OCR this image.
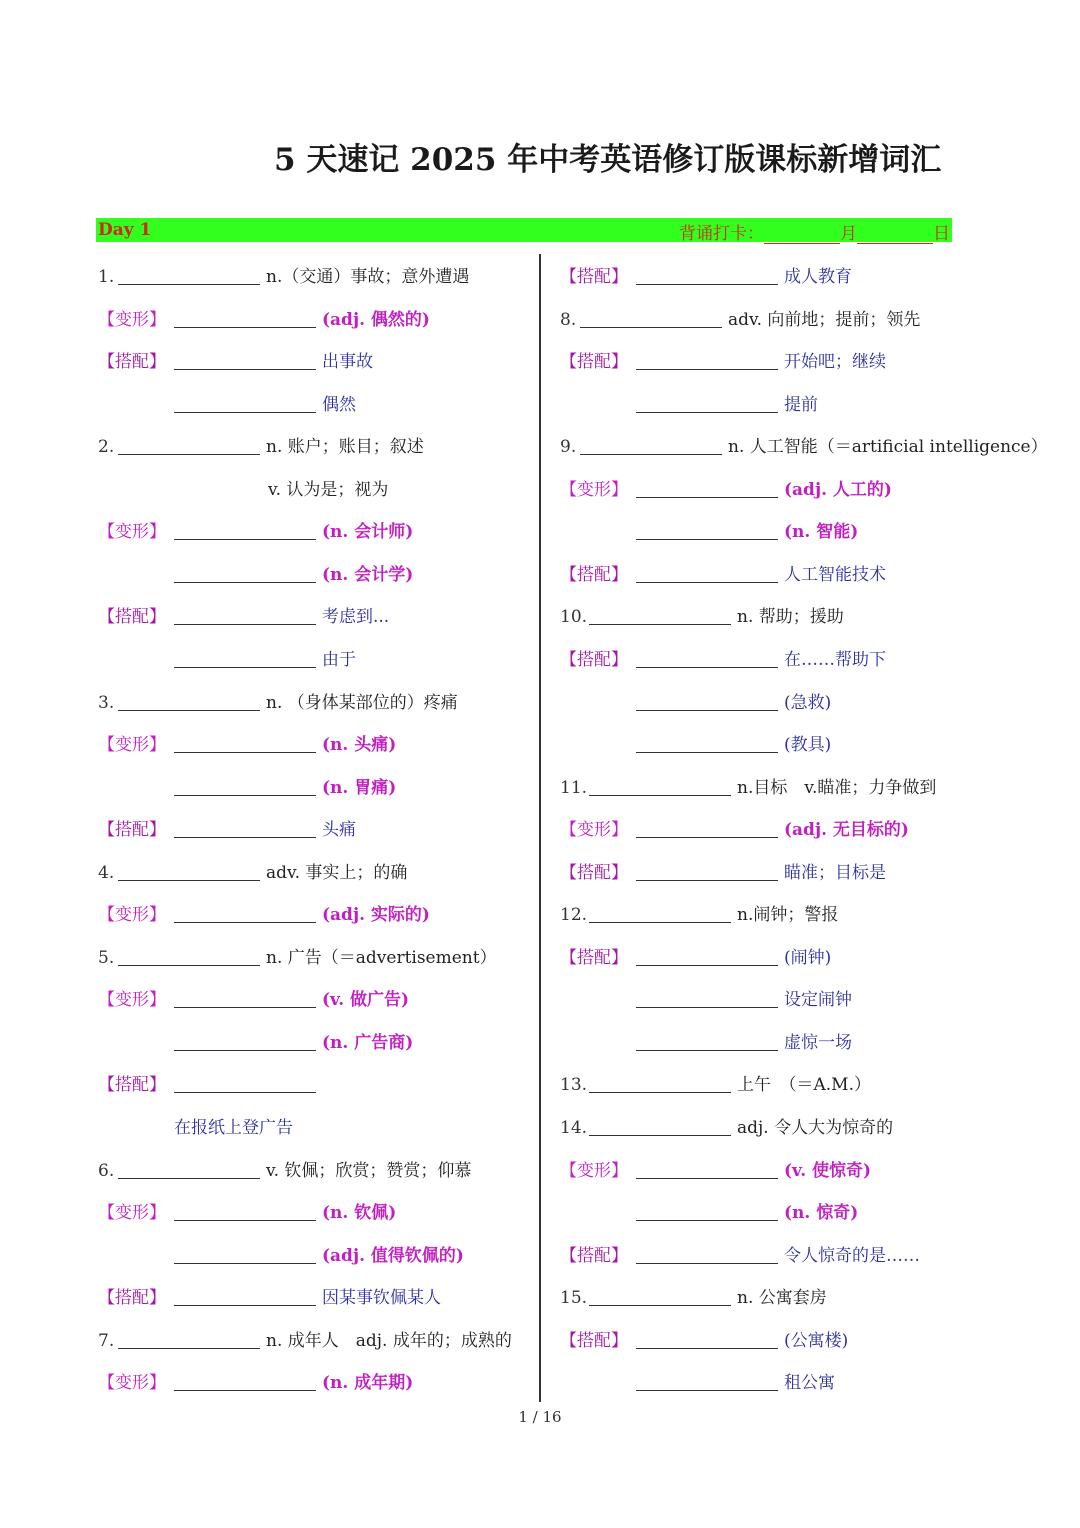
5 天速记 2025 年中考英语修订版课标新增词汇
Day 1	背诵打卡：	月	日
1.	n.（交通）事故；意外遭遇
【变形】	(adj. 偶然的)
【搭配】	出事故
偶然
2.	n. 账户；账目；叙述
v. 认为是；视为
【变形】	(n. 会计师)
(n. 会计学)
【搭配】	考虑到...
由于
3.	n. （身体某部位的）疼痛
【变形】	(n. 头痛)
(n. 胃痛)
【搭配】	头痛
4.	adv. 事实上；的确
【变形】	(adj. 实际的)
5.	n. 广告（＝advertisement）
【变形】	(v. 做广告)
(n. 广告商)
【搭配】
在报纸上登广告
6.	v. 钦佩；欣赏；赞赏；仰慕
【变形】	(n. 钦佩)
(adj. 值得钦佩的)
【搭配】	因某事钦佩某人
7.	n. 成年人　adj. 成年的；成熟的
【变形】	(n. 成年期)
【搭配】	成人教育
8.	adv. 向前地；提前；领先
【搭配】	开始吧；继续
提前
9.	n. 人工智能（＝artificial intelligence）
【变形】	(adj. 人工的)
(n. 智能)
【搭配】	人工智能技术
10.	n. 帮助；援助
【搭配】	在……帮助下
(急救)
(教具)
11.	n.目标　v.瞄准；力争做到
【变形】	(adj. 无目标的)
【搭配】	瞄准；目标是
12.	n.闹钟；警报
【搭配】	(闹钟)
设定闹钟
虚惊一场
13.	上午　（＝A.M.）
14.	adj. 令人大为惊奇的
【变形】	(v. 使惊奇)
(n. 惊奇)
【搭配】	令人惊奇的是……
15.	n. 公寓套房
【搭配】	(公寓楼)
租公寓
1 / 16
